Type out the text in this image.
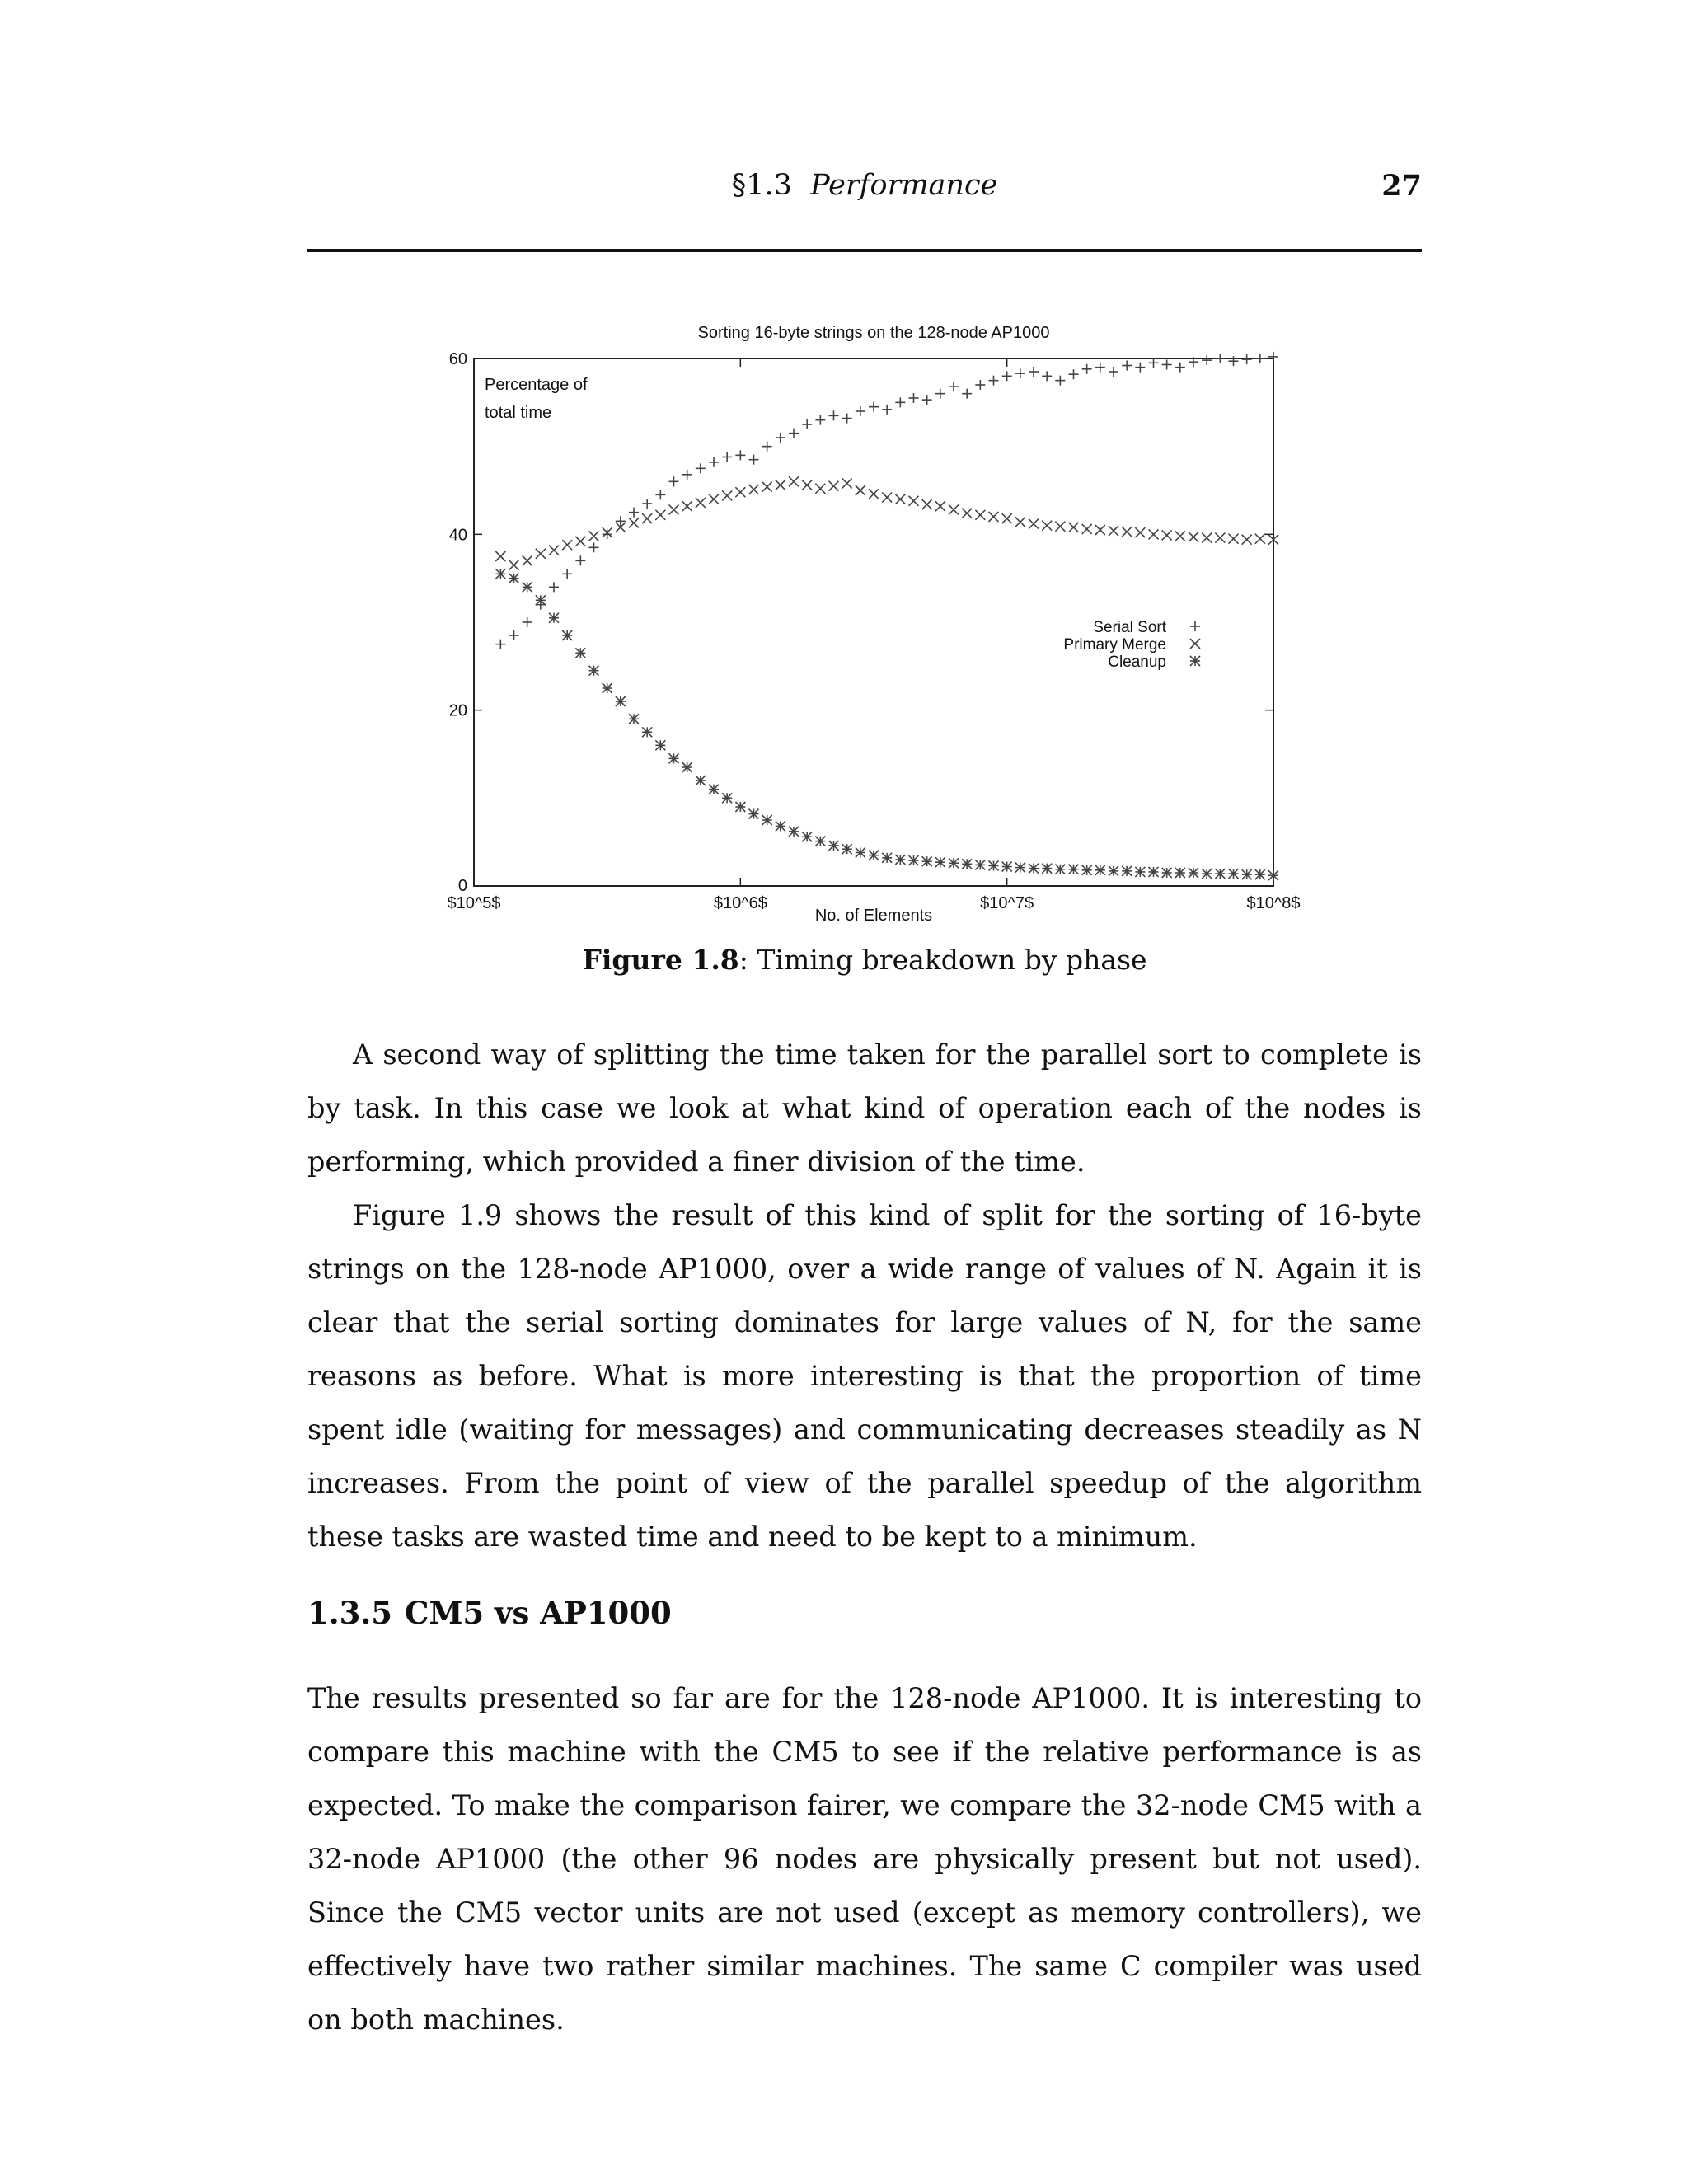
§1.3 Performance	27
Sorting 16-byte strings on the 128-node AP1000
Percentage of
total time
0
20
40
60
$10^5$	$10^6$	$10^7$	$10^8$
Serial Sort
Primary Merge
Cleanup
No. of Elements
Figure 1.8: Timing breakdown by phase

A second way of splitting the time taken for the parallel sort to complete is by task. In this case we look at what kind of operation each of the nodes is performing, which provided a finer division of the time.

Figure 1.9 shows the result of this kind of split for the sorting of 16-byte strings on the 128-node AP1000, over a wide range of values of N. Again it is clear that the serial sorting dominates for large values of N, for the same reasons as before. What is more interesting is that the proportion of time spent idle (waiting for messages) and communicating decreases steadily as N increases. From the point of view of the parallel speedup of the algorithm these tasks are wasted time and need to be kept to a minimum.

1.3.5 CM5 vs AP1000

The results presented so far are for the 128-node AP1000. It is interesting to compare this machine with the CM5 to see if the relative performance is as expected. To make the comparison fairer, we compare the 32-node CM5 with a 32-node AP1000 (the other 96 nodes are physically present but not used). Since the CM5 vector units are not used (except as memory controllers), we effectively have two rather similar machines. The same C compiler was used on both machines.
